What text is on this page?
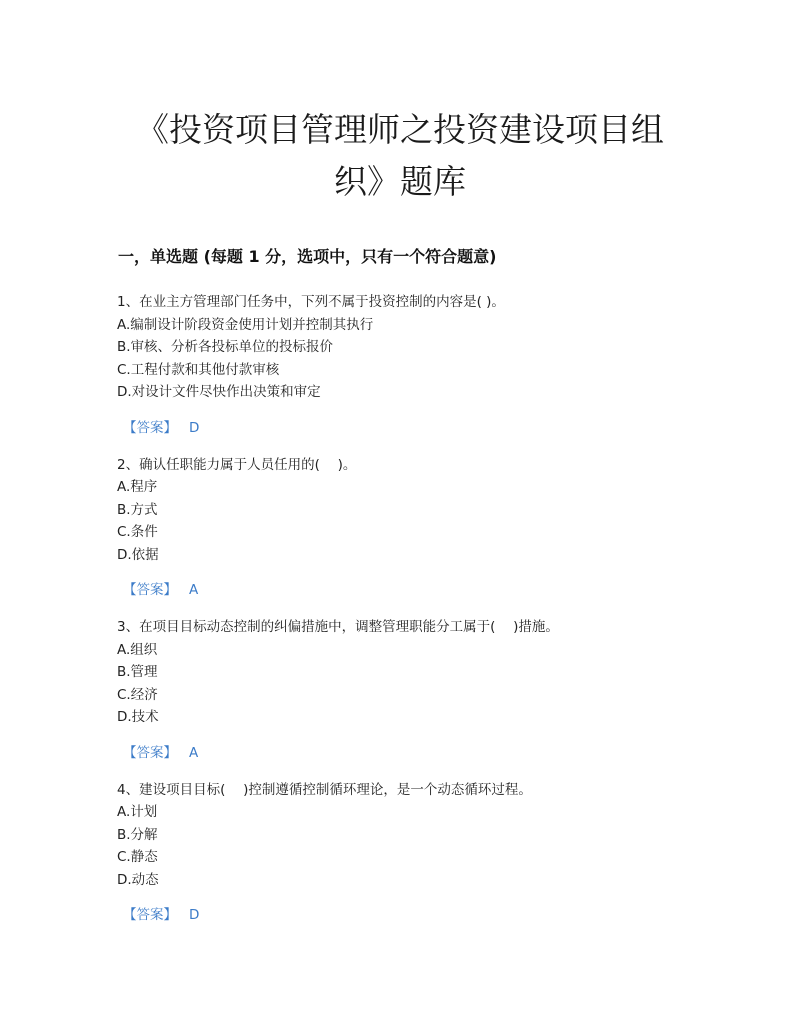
《投资项目管理师之投资建设项目组织》题库
一，单选题 (每题 1 分，选项中，只有一个符合题意)
1、在业主方管理部门任务中，下列不属于投资控制的内容是( )。
A.编制设计阶段资金使用计划并控制其执行
B.审核、分析各投标单位的投标报价
C.工程付款和其他付款审核
D.对设计文件尽快作出决策和审定
【答案】 D
2、确认任职能力属于人员任用的(　 )。
A.程序
B.方式
C.条件
D.依据
【答案】 A
3、在项目目标动态控制的纠偏措施中，调整管理职能分工属于(　 )措施。
A.组织
B.管理
C.经济
D.技术
【答案】 A
4、建设项目目标(　 )控制遵循控制循环理论，是一个动态循环过程。
A.计划
B.分解
C.静态
D.动态
【答案】 D
